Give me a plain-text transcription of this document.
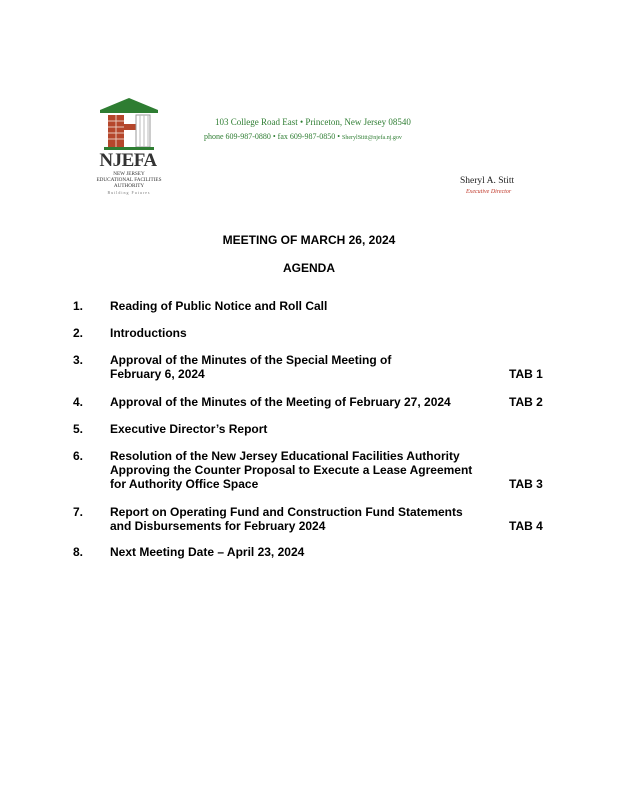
NJEFA
NEW JERSEY EDUCATIONAL FACILITIES AUTHORITY
Building Futures
103 College Road East • Princeton, New Jersey 08540
phone 609-987-0880 • fax 609-987-0850 • SherylStitt@njefa.nj.gov
Sheryl A. Stitt
Executive Director
MEETING OF MARCH 26, 2024
AGENDA
1. Reading of Public Notice and Roll Call
2. Introductions
3. Approval of the Minutes of the Special Meeting of
February 6, 2024	TAB 1
4. Approval of the Minutes of the Meeting of February 27, 2024	TAB 2
5. Executive Director’s Report
6. Resolution of the New Jersey Educational Facilities Authority
Approving the Counter Proposal to Execute a Lease Agreement
for Authority Office Space	TAB 3
7. Report on Operating Fund and Construction Fund Statements
and Disbursements for February 2024	TAB 4
8. Next Meeting Date – April 23, 2024
